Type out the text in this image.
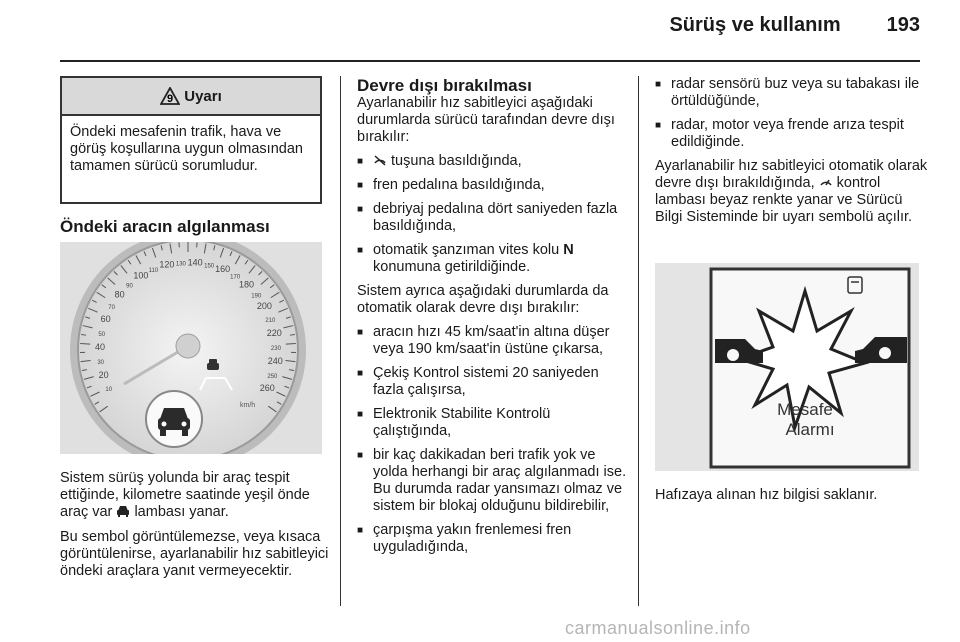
Sürüş ve kullanım 193
9 Uyarı
Öndeki mesafenin trafik, hava ve görüş koşullarına uygun olmasından tamamen sürücü sorumludur.
Öndeki aracın algılanması
10
20
30
40
50
60
70
80
90
100 110
120 130 140 150 160
170
180
190
200
210
220
230
240
250
260
km/h

Sistem sürüş yolunda bir araç tespit ettiğinde, kilometre saatinde yeşil önde araç var lambası yanar.

Bu sembol görüntülemezse, veya kısaca görüntülenirse, ayarlanabilir hız sabitleyici öndeki araçlara yanıt vermeyecektir.

Devre dışı bırakılması

Ayarlanabilir hız sabitleyici aşağıdaki durumlarda sürücü tarafından devre dışı bırakılır:

■ tuşuna basıldığında,
■ fren pedalına basıldığında,
■ debriyaj pedalına dört saniyeden fazla basıldığında,
■ otomatik şanzıman vites kolu N konumuna getirildiğinde.

Sistem ayrıca aşağıdaki durumlarda da otomatik olarak devre dışı bırakılır:

■ aracın hızı 45 km/saat'in altına düşer veya 190 km/saat'in üstüne çıkarsa,
■ Çekiş Kontrol sistemi 20 saniyeden fazla çalışırsa,
■ Elektronik Stabilite Kontrolü çalıştığında,
■ bir kaç dakikadan beri trafik yok ve yolda herhangi bir araç algılanmadı ise. Bu durumda radar yansımazı olmaz ve sistem bir blokaj olduğunu bildirebilir,
■ çarpışma yakın frenlemesi fren uyguladığında,
■ radar sensörü buz veya su tabakası ile örtüldüğünde,
■ radar, motor veya frende arıza tespit edildiğinde.

Ayarlanabilir hız sabitleyici otomatik olarak devre dışı bırakıldığında, kontrol lambası beyaz renkte yanar ve Sürücü Bilgi Sisteminde bir uyarı sembolü açılır.

Mesafe
Alarmı
Hafızaya alınan hız bilgisi saklanır.
carmanualsonline.info
